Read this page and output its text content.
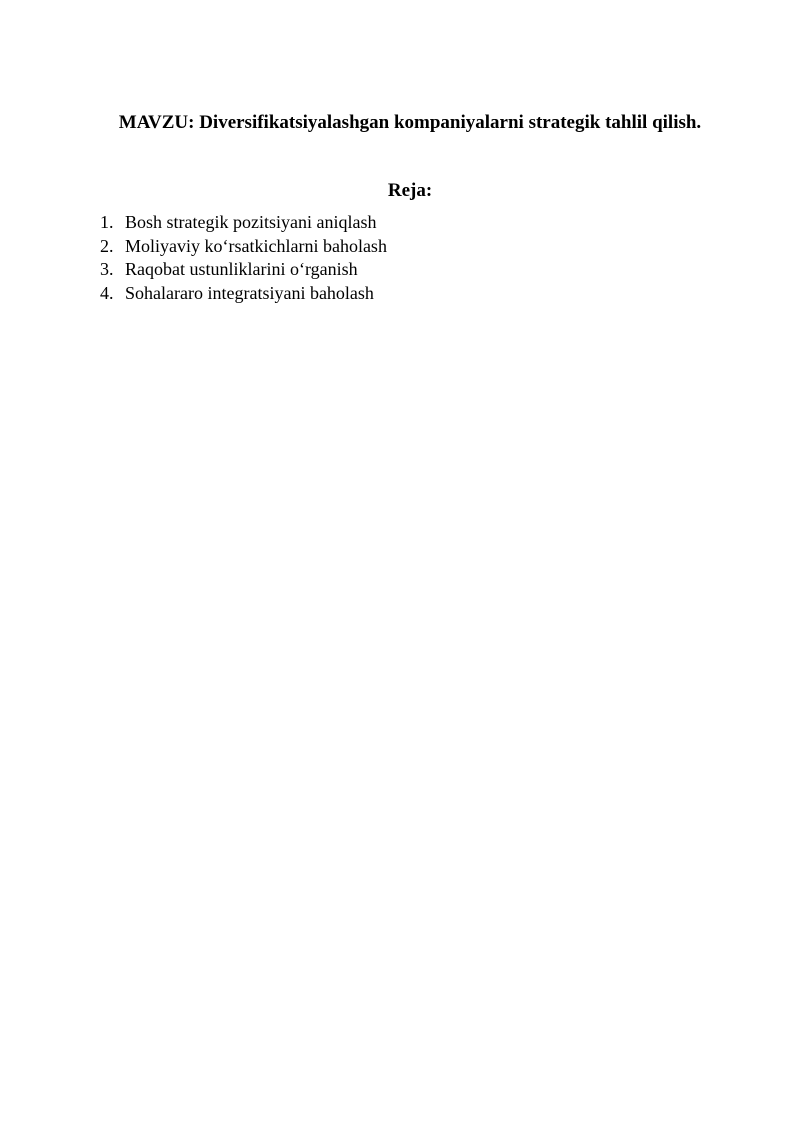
MAVZU: Diversifikatsiyalashgan kompaniyalarni strategik tahlil qilish.
Reja:
1. Bosh strategik pozitsiyani aniqlash
2. Moliyaviy koʻrsatkichlarni baholash
3. Raqobat ustunliklarini oʻrganish
4. Sohalararo integratsiyani baholash
